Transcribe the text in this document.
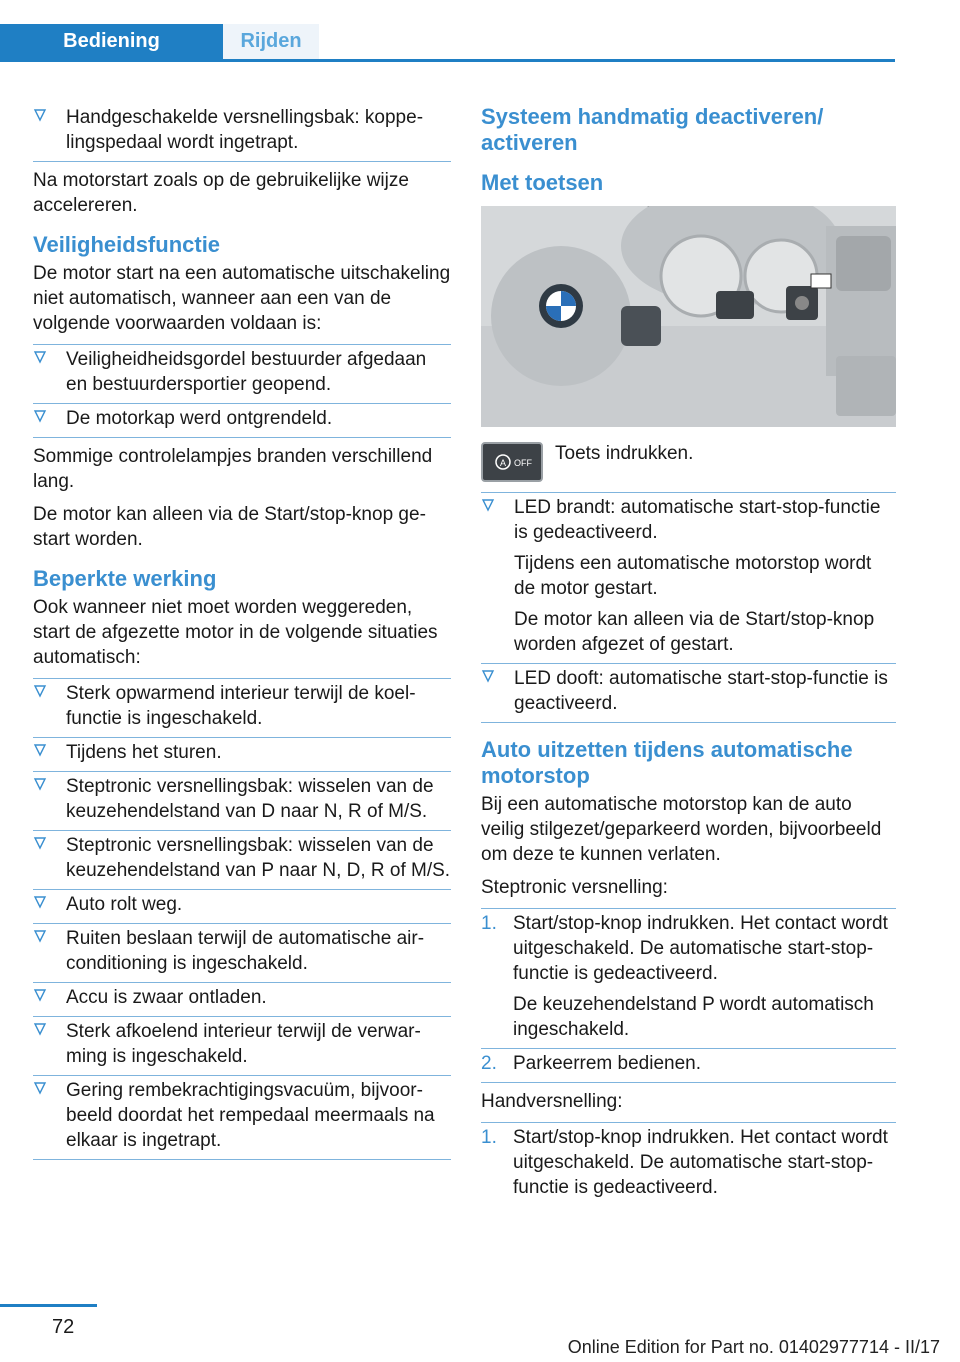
Bediening	Rijden
Handgeschakelde versnellingsbak: koppelingspedaal wordt ingetrapt.

Na motorstart zoals op de gebruikelijke wijze accelereren.

Veiligheidsfunctie

De motor start na een automatische uitschakeling niet automatisch, wanneer aan een van de volgende voorwaarden voldaan is:

Veiligheidheidsgordel bestuurder afgedaan en bestuurdersportier geopend.
De motorkap werd ontgrendeld.

Sommige controlelampjes branden verschillend lang.

De motor kan alleen via de Start/stop-knop gestart worden.

Beperkte werking

Ook wanneer niet moet worden weggereden, start de afgezette motor in de volgende situaties automatisch:

Sterk opwarmend interieur terwijl de koelfunctie is ingeschakeld.
Tijdens het sturen.
Steptronic versnellingsbak: wisselen van de keuzehendelstand van D naar N, R of M/S.
Steptronic versnellingsbak: wisselen van de keuzehendelstand van P naar N, D, R of M/S.
Auto rolt weg.
Ruiten beslaan terwijl de automatische airconditioning is ingeschakeld.
Accu is zwaar ontladen.
Sterk afkoelend interieur terwijl de verwarming is ingeschakeld.
Gering rembekrachtigingsvacuüm, bijvoorbeeld doordat het rempedaal meermaals na elkaar is ingetrapt.
Systeem handmatig deactiveren/ activeren
Met toetsen
A OFF Toets indrukken.
LED brandt: automatische start-stop-functie is gedeactiveerd.
Tijdens een automatische motorstop wordt de motor gestart.
De motor kan alleen via de Start/stop-knop worden afgezet of gestart.
LED dooft: automatische start-stop-functie is geactiveerd.
Auto uitzetten tijdens automatische motorstop

Bij een automatische motorstop kan de auto veilig stilgezet/geparkeerd worden, bijvoorbeeld om deze te kunnen verlaten.

Steptronic versnelling:

1. Start/stop-knop indrukken. Het contact wordt uitgeschakeld. De automatische start-stop-functie is gedeactiveerd.
De keuzehendelstand P wordt automatisch ingeschakeld.
2. Parkeerrem bedienen.

Handversnelling:

1. Start/stop-knop indrukken. Het contact wordt uitgeschakeld. De automatische start-stop-functie is gedeactiveerd.
72
Online Edition for Part no. 01402977714 - II/17
